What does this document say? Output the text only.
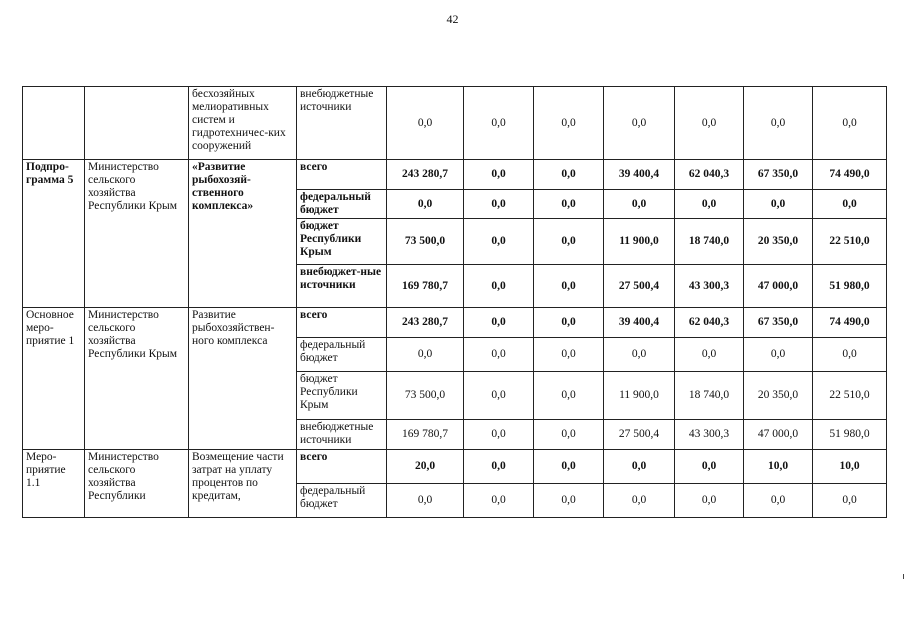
42
		бесхозяйных мелиоративных систем и гидротехничес-ких сооружений	внебюджетные источники	0,0	0,0	0,0	0,0	0,0	0,0	0,0
Подпро-грамма 5	Министерство сельского хозяйства Республики Крым	«Развитие рыбохозяй-ственного комплекса»	всего	243 280,7	0,0	0,0	39 400,4	62 040,3	67 350,0	74 490,0
			федеральный бюджет	0,0	0,0	0,0	0,0	0,0	0,0	0,0
			бюджет Республики Крым	73 500,0	0,0	0,0	11 900,0	18 740,0	20 350,0	22 510,0
			внебюджет-ные источники	169 780,7	0,0	0,0	27 500,4	43 300,3	47 000,0	51 980,0
Основное меро-приятие 1	Министерство сельского хозяйства Республики Крым	Развитие рыбохозяйствен-ного комплекса	всего	243 280,7	0,0	0,0	39 400,4	62 040,3	67 350,0	74 490,0
			федеральный бюджет	0,0	0,0	0,0	0,0	0,0	0,0	0,0
			бюджет Республики Крым	73 500,0	0,0	0,0	11 900,0	18 740,0	20 350,0	22 510,0
			внебюджетные источники	169 780,7	0,0	0,0	27 500,4	43 300,3	47 000,0	51 980,0
Меро-приятие 1.1	Министерство сельского хозяйства Республики	Возмещение части затрат на уплату процентов по кредитам,	всего	20,0	0,0	0,0	0,0	0,0	10,0	10,0
			федеральный бюджет	0,0	0,0	0,0	0,0	0,0	0,0	0,0
